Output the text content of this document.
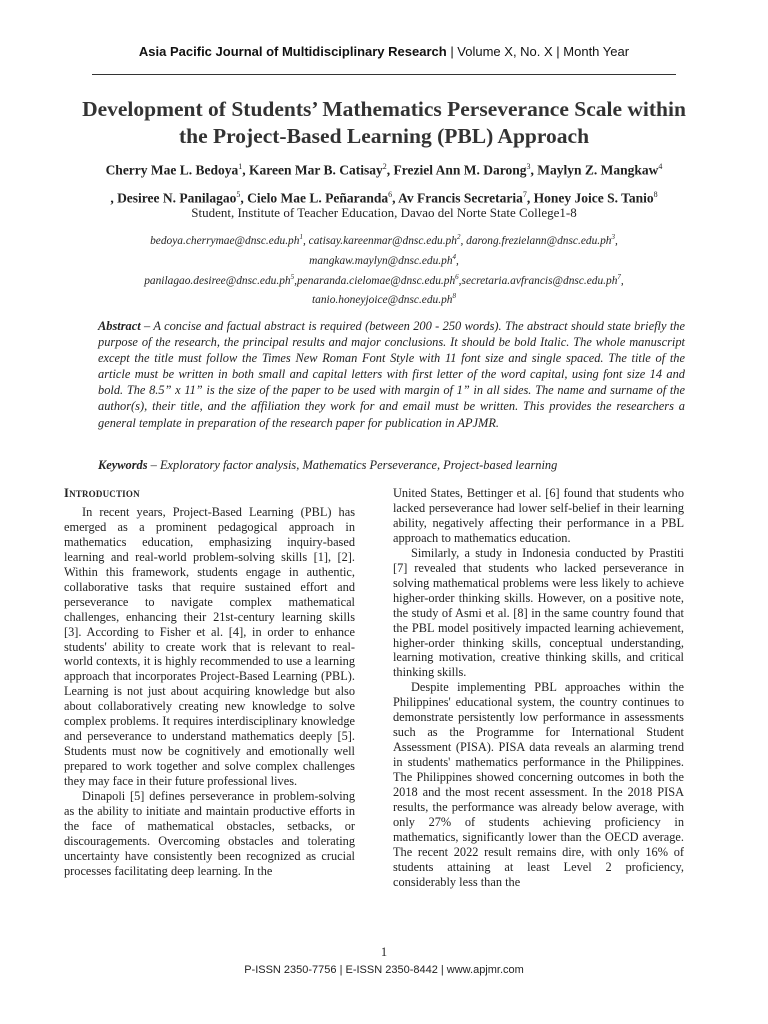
Asia Pacific Journal of Multidisciplinary Research | Volume X, No. X | Month Year
Development of Students’ Mathematics Perseverance Scale within
the Project-Based Learning (PBL) Approach
Cherry Mae L. Bedoya$^1$, Kareen Mar B. Catisay$^2$, Freziel Ann M. Darong$^3$, Maylyn Z. Mangkaw$^4$
, Desiree N. Panilagao$^5$, Cielo Mae L. Peñaranda$^6$, Av Francis Secretaria$^7$, Honey Joice S. Tanio$^8$
Student, Institute of Teacher Education, Davao del Norte State College1-8
$bedoya.cherrymae@dnsc.edu.ph^1$, $catisay.kareenmar@dnsc.edu.ph^2$, $darong.frezielann@dnsc.edu.ph^3$,
$mangkaw.maylyn@dnsc.edu.ph^4$,
$panilagao.desiree@dnsc.edu.ph^5,penaranda.cielomae@dnsc.edu.ph^6,secretaria.avfrancis@dnsc.edu.ph^7$,
$tanio.honeyjoice@dnsc.edu.ph^8$
Abstract – A concise and factual abstract is required (between 200 - 250 words). The abstract should state briefly the purpose of the research, the principal results and major conclusions. It should be bold Italic. The whole manuscript except the title must follow the Times New Roman Font Style with 11 font size and single spaced. The title of the article must be written in both small and capital letters with first letter of the word capital, using font size 14 and bold. The 8.5” x 11” is the size of the paper to be used with margin of 1” in all sides. The name and surname of the author(s), their title, and the affiliation they work for and email must be written. This provides the researchers a general template in preparation of the research paper for publication in APJMR.
Keywords – Exploratory factor analysis, Mathematics Perseverance, Project-based learning
Introduction

In recent years, Project-Based Learning (PBL) has emerged as a prominent pedagogical approach in mathematics education, emphasizing inquiry-based learning and real-world problem-solving skills [1], [2]. Within this framework, students engage in authentic, collaborative tasks that require sustained effort and perseverance to navigate complex mathematical challenges, enhancing their 21st-century learning skills [3]. According to Fisher et al. [4], in order to enhance students' ability to create work that is relevant to real-world contexts, it is highly recommended to use a learning approach that incorporates Project-Based Learning (PBL). Learning is not just about acquiring knowledge but also about collaboratively creating new knowledge to solve complex problems. It requires interdisciplinary knowledge and perseverance to understand mathematics deeply [5]. Students must now be cognitively and emotionally well prepared to work together and solve complex challenges they may face in their future professional lives.

Dinapoli [5] defines perseverance in problem-solving as the ability to initiate and maintain productive efforts in the face of mathematical obstacles, setbacks, or discouragements. Overcoming obstacles and tolerating uncertainty have consistently been recognized as crucial processes facilitating deep learning. In the

United States, Bettinger et al. [6] found that students who lacked perseverance had lower self-belief in their learning ability, negatively affecting their performance in a PBL approach to mathematics education.

Similarly, a study in Indonesia conducted by Prastiti [7] revealed that students who lacked perseverance in solving mathematical problems were less likely to achieve higher-order thinking skills. However, on a positive note, the study of Asmi et al. [8] in the same country found that the PBL model positively impacted learning achievement, higher-order thinking skills, conceptual understanding, learning motivation, creative thinking skills, and critical thinking skills.

Despite implementing PBL approaches within the Philippines' educational system, the country continues to demonstrate persistently low performance in assessments such as the Programme for International Student Assessment (PISA). PISA data reveals an alarming trend in students' mathematics performance in the Philippines. The Philippines showed concerning outcomes in both the 2018 and the most recent assessment. In the 2018 PISA results, the performance was already below average, with only 27% of students achieving proficiency in mathematics, significantly lower than the OECD average. The recent 2022 result remains dire, with only 16% of students attaining at least Level 2 proficiency, considerably less than the

1
P-ISSN 2350-7756 | E-ISSN 2350-8442 | www.apjmr.com
